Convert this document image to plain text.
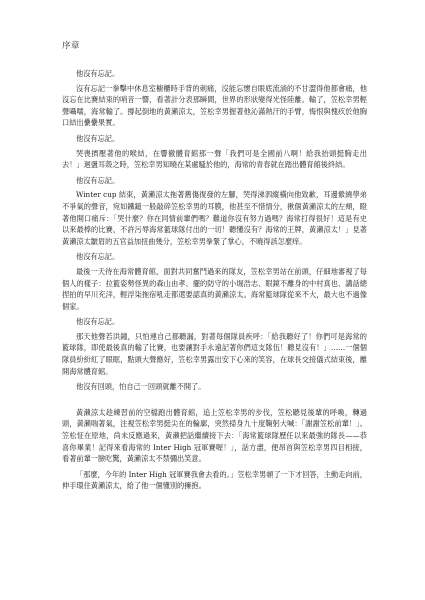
序章

他沒有忘記。

沒有忘記一拳擊中休息室櫥櫃時手背的刺痛，沒能忘懷自眼底流淌的不甘澀得他都會痛，他沒忘在比賽結束的哨音一響，看著計分表那瞬間，世界的形狀變得光怪陸離。輸了，笠松幸男輕聲囁嚅，海常輸了。撐起倒地的黃瀨涼太，笠松幸男握著他沁滿熱汗的手臂，悔恨與愧疚於他胸口結出纍纍果實。

他沒有忘記。

哭喪擠壓著他的喉結，在響徹體育館那一聲「我們可是全國前八啊！給我抬頭挺胸走出去！」迴盪耳殼之時，笠松幸男知曉在某處騷於他的，海常的青春就在踏出體育館後終結。

他沒有忘記。

Winter cup 結束，黃瀨涼太拖著舊傷復發的左腳，哭得涕泗縱橫向他致歉，耳邊縈繞學弟不爭氣的聲音，宛如鐵鎚一般敲碎笠松幸男的耳膜，他甚至不惜情分，揪個黃瀨涼太的左頰，瞪著他開口痛斥：「哭什麼？你在同情前輩們嗎？難道你沒有努力過嗎？海常打得很好！這是有史以來最棒的比賽，不許污辱海常籃球隊付出的一切！聽懂沒有？海常的王牌，黃瀨涼太！」見著黃瀨涼太皺眉的五官益加扭曲幾分，笠松幸男拳緊了掌心，不曉得該怎麼痒。

他沒有忘記。

最後一天待在海常體育館，面對共同奮鬥過來的隊友，笠松幸男站在前頭，仔細地審視了每個人的樣子：拉籃姿勢怪異的森山由孝、擺的防守的小堀浩志、眼鏡不離身的中村真也、講話總捏拍的早川充洋，輕浮柒拖宿吼走都還要認真的黃瀨涼太。海常籃球隊從來不大，最大也不過像個家。

他沒有忘記。

那天他聲若洪鐘，只怕連自己都聽漏，對著每個隊員疾呼：「給我聽好了！你們可是海常的籃球隊，即使最後真的輸了比賽，也要讓對手永遠記著你們這支隊伍！聽見沒有！」……一個個隊員紛紛紅了眼眶，點頭大聲應好，笠松幸男露出安下心來的笑容，在球長交接儀式結束後，離開海常體育館。

他沒有回頭，怕自己一回頭就離不開了。

黃瀨涼太趁練習前的空檔跑出體育館，追上笠松幸男的步伐，笠松聽見後輩的呼喚，轉過頭，黃瀨喘著氣，注視笠松幸男挺尖在的輪廓，突然掃身九十度鞠躬大喊：「謝謝笠松前輩！」。笠松怔在原地，尚未反應過來，黃瀨把話繼續接下去：「海常籃球隊歷任以來最強的隊長——恭喜你畢業！記得來看海常的 Inter High 冠軍賽喔！」，話方盡，便昂首與笠松幸男四目相接，看著前輩一臉吃驚，黃瀨涼太不禁彌出笑意。

「那麼，今年的 Inter High 冠軍賽我會去看的。」笠松幸男頓了一下才回答，主動走向前，伸手環住黃瀨涼太，給了他一個懂別的擁抱。
